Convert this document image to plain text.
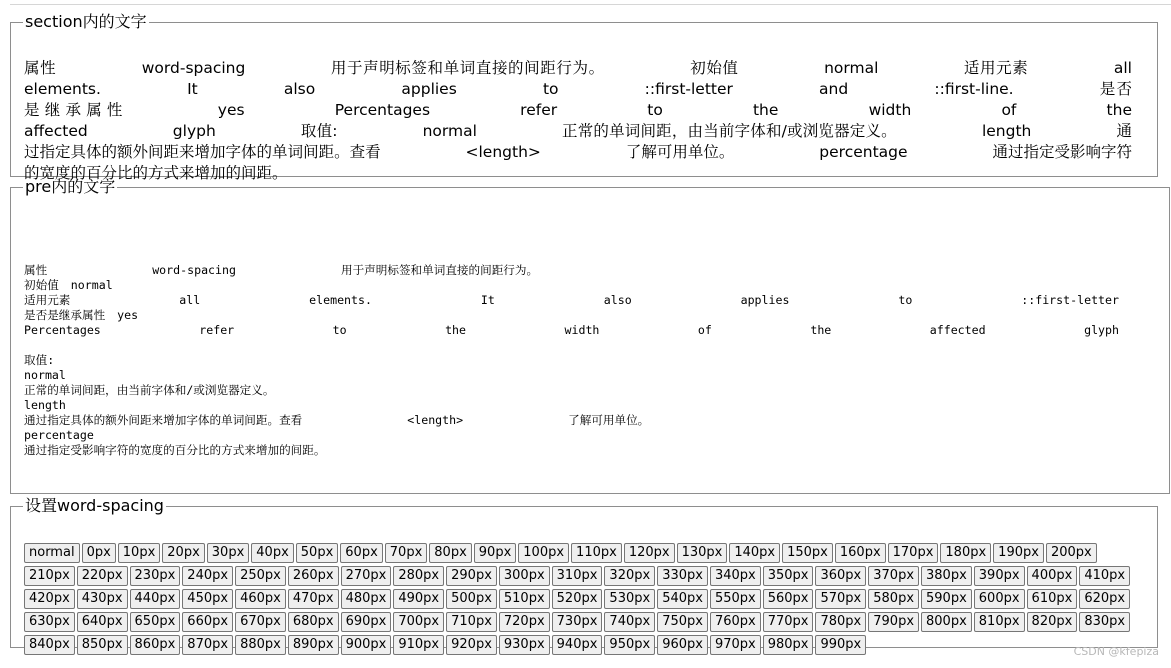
section内的文字
属性 word-spacing 用于声明标签和单词直接的间距行为。 初始值 normal 适用元素 all elements. It also applies to ::first-letter and ::first-line. 是否是继承属性 yes Percentages refer to the width of the affected glyph 取值: normal 正常的单词间距，由当前字体和/或浏览器定义。 length 通过指定具体的额外间距来增加字体的单词间距。查看 <length> 了解可用单位。 percentage 通过指定受影响字符的宽度的百分比的方式来增加的间距。
pre内的文字
属性	word-spacing	用于声明标签和单词直接的间距行为。
初始值 normal
适用元素	all	elements.	It	also	applies	to	::first-letter
是否是继承属性 yes
Percentages	refer	to	the	width	of	the	affected	glyph
取值:
normal
正常的单词间距，由当前字体和/或浏览器定义。
length
通过指定具体的额外间距来增加字体的单词间距。查看	<length>	了解可用单位。
percentage
通过指定受影响字符的宽度的百分比的方式来增加的间距。
设置word-spacing
normal 0px 10px 20px 30px 40px 50px 60px 70px 80px 90px 100px 110px 120px 130px 140px 150px 160px 170px 180px 190px 200px
210px 220px 230px 240px 250px 260px 270px 280px 290px 300px 310px 320px 330px 340px 350px 360px 370px 380px 390px 400px 410px
420px 430px 440px 450px 460px 470px 480px 490px 500px 510px 520px 530px 540px 550px 560px 570px 580px 590px 600px 610px 620px
630px 640px 650px 660px 670px 680px 690px 700px 710px 720px 730px 740px 750px 760px 770px 780px 790px 800px 810px 820px 830px
840px 850px 860px 870px 880px 890px 900px 910px 920px 930px 940px 950px 960px 970px 980px 990px	CSDN @kfepiza
